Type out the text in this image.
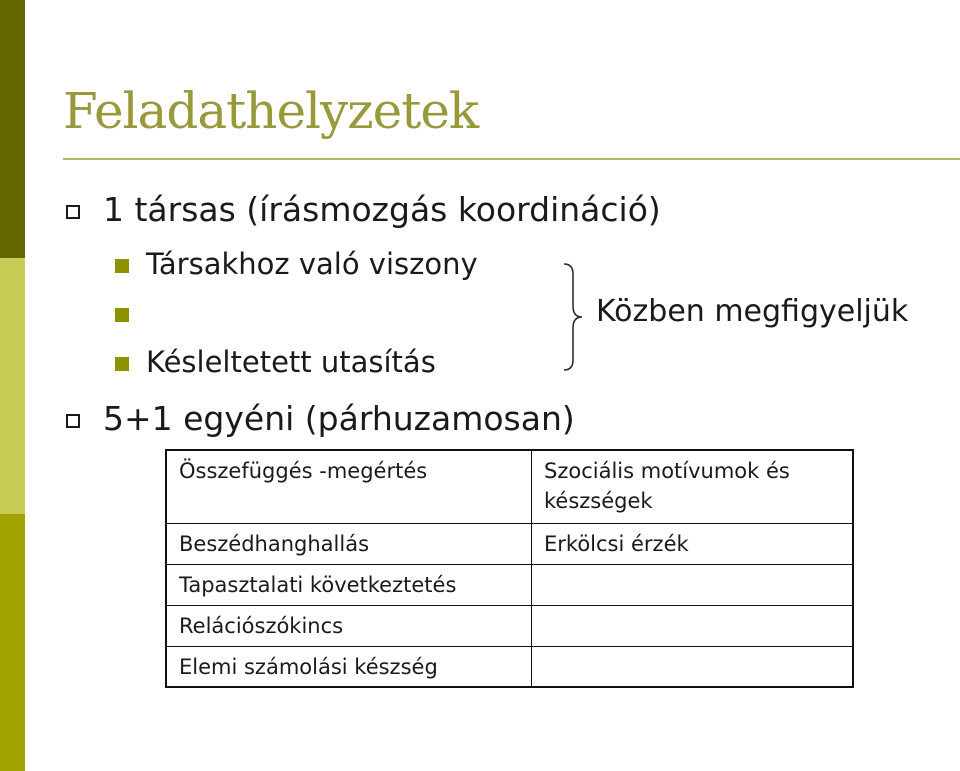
Feladathelyzetek
1 társas (írásmozgás koordináció)
Társakhoz való viszony
Késleltetett utasítás
Közben megfigyeljük
5+1 egyéni (párhuzamosan)
Összefüggés -megértés	Szociális motívumok és készségek

Beszédhanghallás	Erkölcsi érzék
Tapasztalati következtetés	
Relációszókincs	
Elemi számolási készség	
